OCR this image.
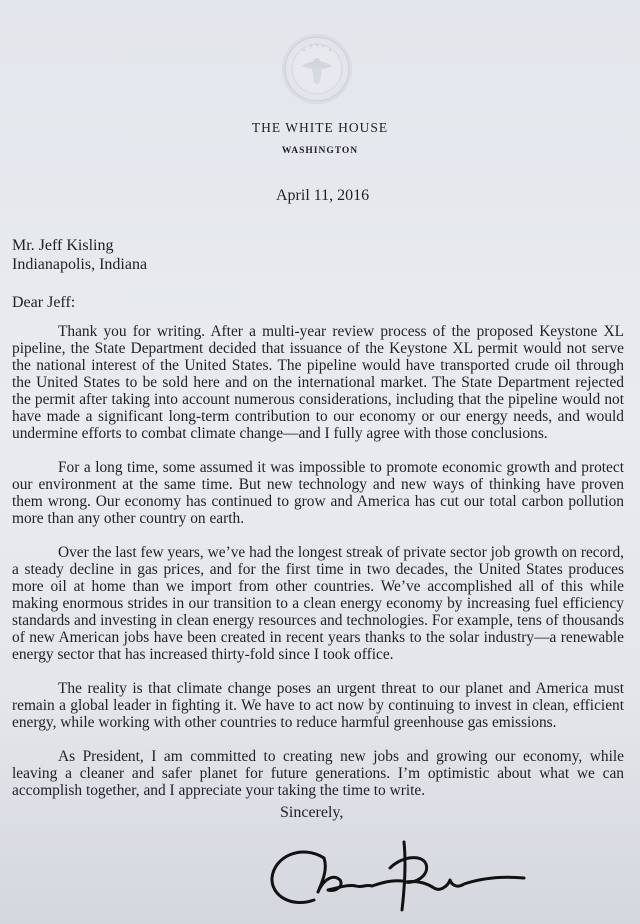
THE WHITE HOUSE
WASHINGTON
April 11, 2016
Mr. Jeff Kisling
Indianapolis, Indiana
Dear Jeff:

Thank you for writing. After a multi-year review process of the proposed Keystone XL pipeline, the State Department decided that issuance of the Keystone XL permit would not serve the national interest of the United States. The pipeline would have transported crude oil through the United States to be sold here and on the international market. The State Department rejected the permit after taking into account numerous considerations, including that the pipeline would not have made a significant long-term contribution to our economy or our energy needs, and would undermine efforts to combat climate change—and I fully agree with those conclusions.

For a long time, some assumed it was impossible to promote economic growth and protect our environment at the same time. But new technology and new ways of thinking have proven them wrong. Our economy has continued to grow and America has cut our total carbon pollution more than any other country on earth.

Over the last few years, we’ve had the longest streak of private sector job growth on record, a steady decline in gas prices, and for the first time in two decades, the United States produces more oil at home than we import from other countries. We’ve accomplished all of this while making enormous strides in our transition to a clean energy economy by increasing fuel efficiency standards and investing in clean energy resources and technologies. For example, tens of thousands of new American jobs have been created in recent years thanks to the solar industry—a renewable energy sector that has increased thirty-fold since I took office.

The reality is that climate change poses an urgent threat to our planet and America must remain a global leader in fighting it. We have to act now by continuing to invest in clean, efficient energy, while working with other countries to reduce harmful greenhouse gas emissions.

As President, I am committed to creating new jobs and growing our economy, while leaving a cleaner and safer planet for future generations. I’m optimistic about what we can accomplish together, and I appreciate your taking the time to write.

Sincerely,
